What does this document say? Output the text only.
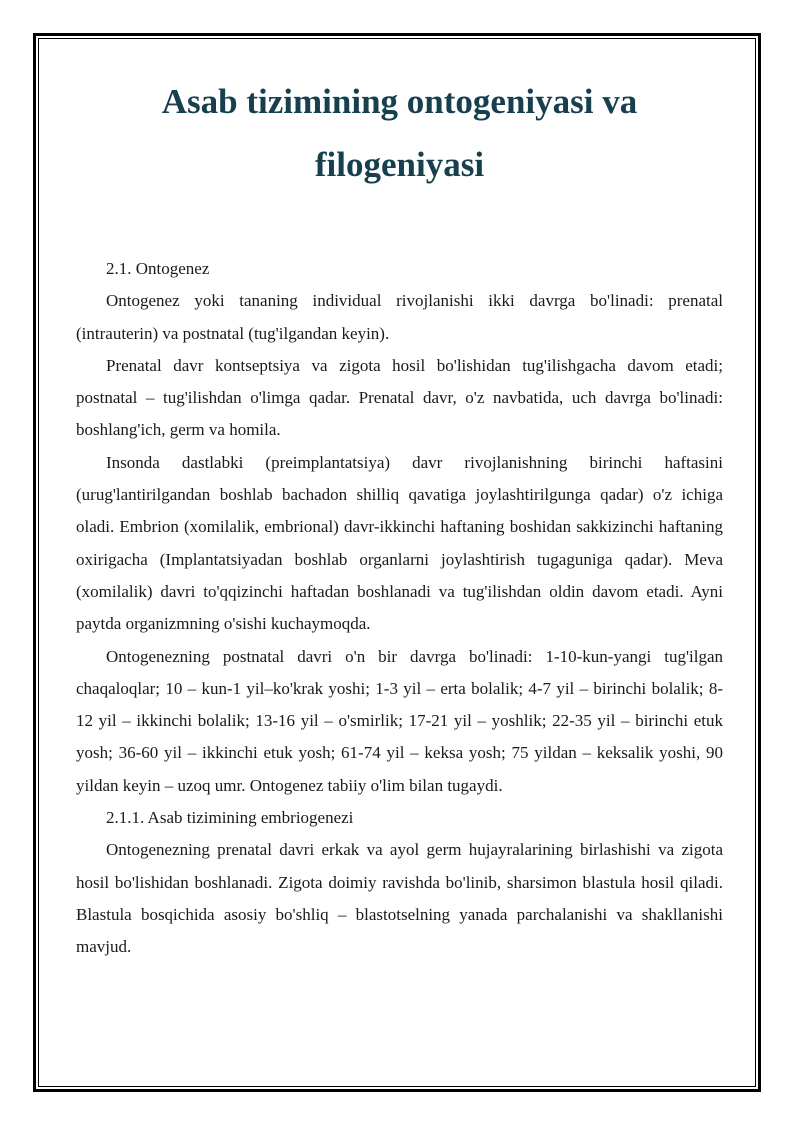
Asab tizimining ontogeniyasi va
filogeniyasi

2.1. Ontogenez

Ontogenez yoki tananing individual rivojlanishi ikki davrga bo'linadi: prenatal (intrauterin) va postnatal (tug'ilgandan keyin).

Prenatal davr kontseptsiya va zigota hosil bo'lishidan tug'ilishgacha davom etadi; postnatal – tug'ilishdan o'limga qadar. Prenatal davr, o'z navbatida, uch davrga bo'linadi: boshlang'ich, germ va homila.

Insonda dastlabki (preimplantatsiya) davr rivojlanishning birinchi haftasini (urug'lantirilgandan boshlab bachadon shilliq qavatiga joylashtirilgunga qadar) o'z ichiga oladi. Embrion (xomilalik, embrional) davr-ikkinchi haftaning boshidan sakkizinchi haftaning oxirigacha (Implantatsiyadan boshlab organlarni joylashtirish tugaguniga qadar). Meva (xomilalik) davri to'qqizinchi haftadan boshlanadi va tug'ilishdan oldin davom etadi. Ayni paytda organizmning o'sishi kuchaymoqda.

Ontogenezning postnatal davri o'n bir davrga bo'linadi: 1-10-kun-yangi tug'ilgan chaqaloqlar; 10 – kun-1 yil–ko'krak yoshi; 1-3 yil – erta bolalik; 4-7 yil – birinchi bolalik; 8-12 yil – ikkinchi bolalik; 13-16 yil – o'smirlik; 17-21 yil – yoshlik; 22-35 yil – birinchi etuk yosh; 36-60 yil – ikkinchi etuk yosh; 61-74 yil – keksa yosh; 75 yildan – keksalik yoshi, 90 yildan keyin – uzoq umr. Ontogenez tabiiy o'lim bilan tugaydi.

2.1.1. Asab tizimining embriogenezi

Ontogenezning prenatal davri erkak va ayol germ hujayralarining birlashishi va zigota hosil bo'lishidan boshlanadi. Zigota doimiy ravishda bo'linib, sharsimon blastula hosil qiladi. Blastula bosqichida asosiy bo'shliq – blastotselning yanada parchalanishi va shakllanishi mavjud.
